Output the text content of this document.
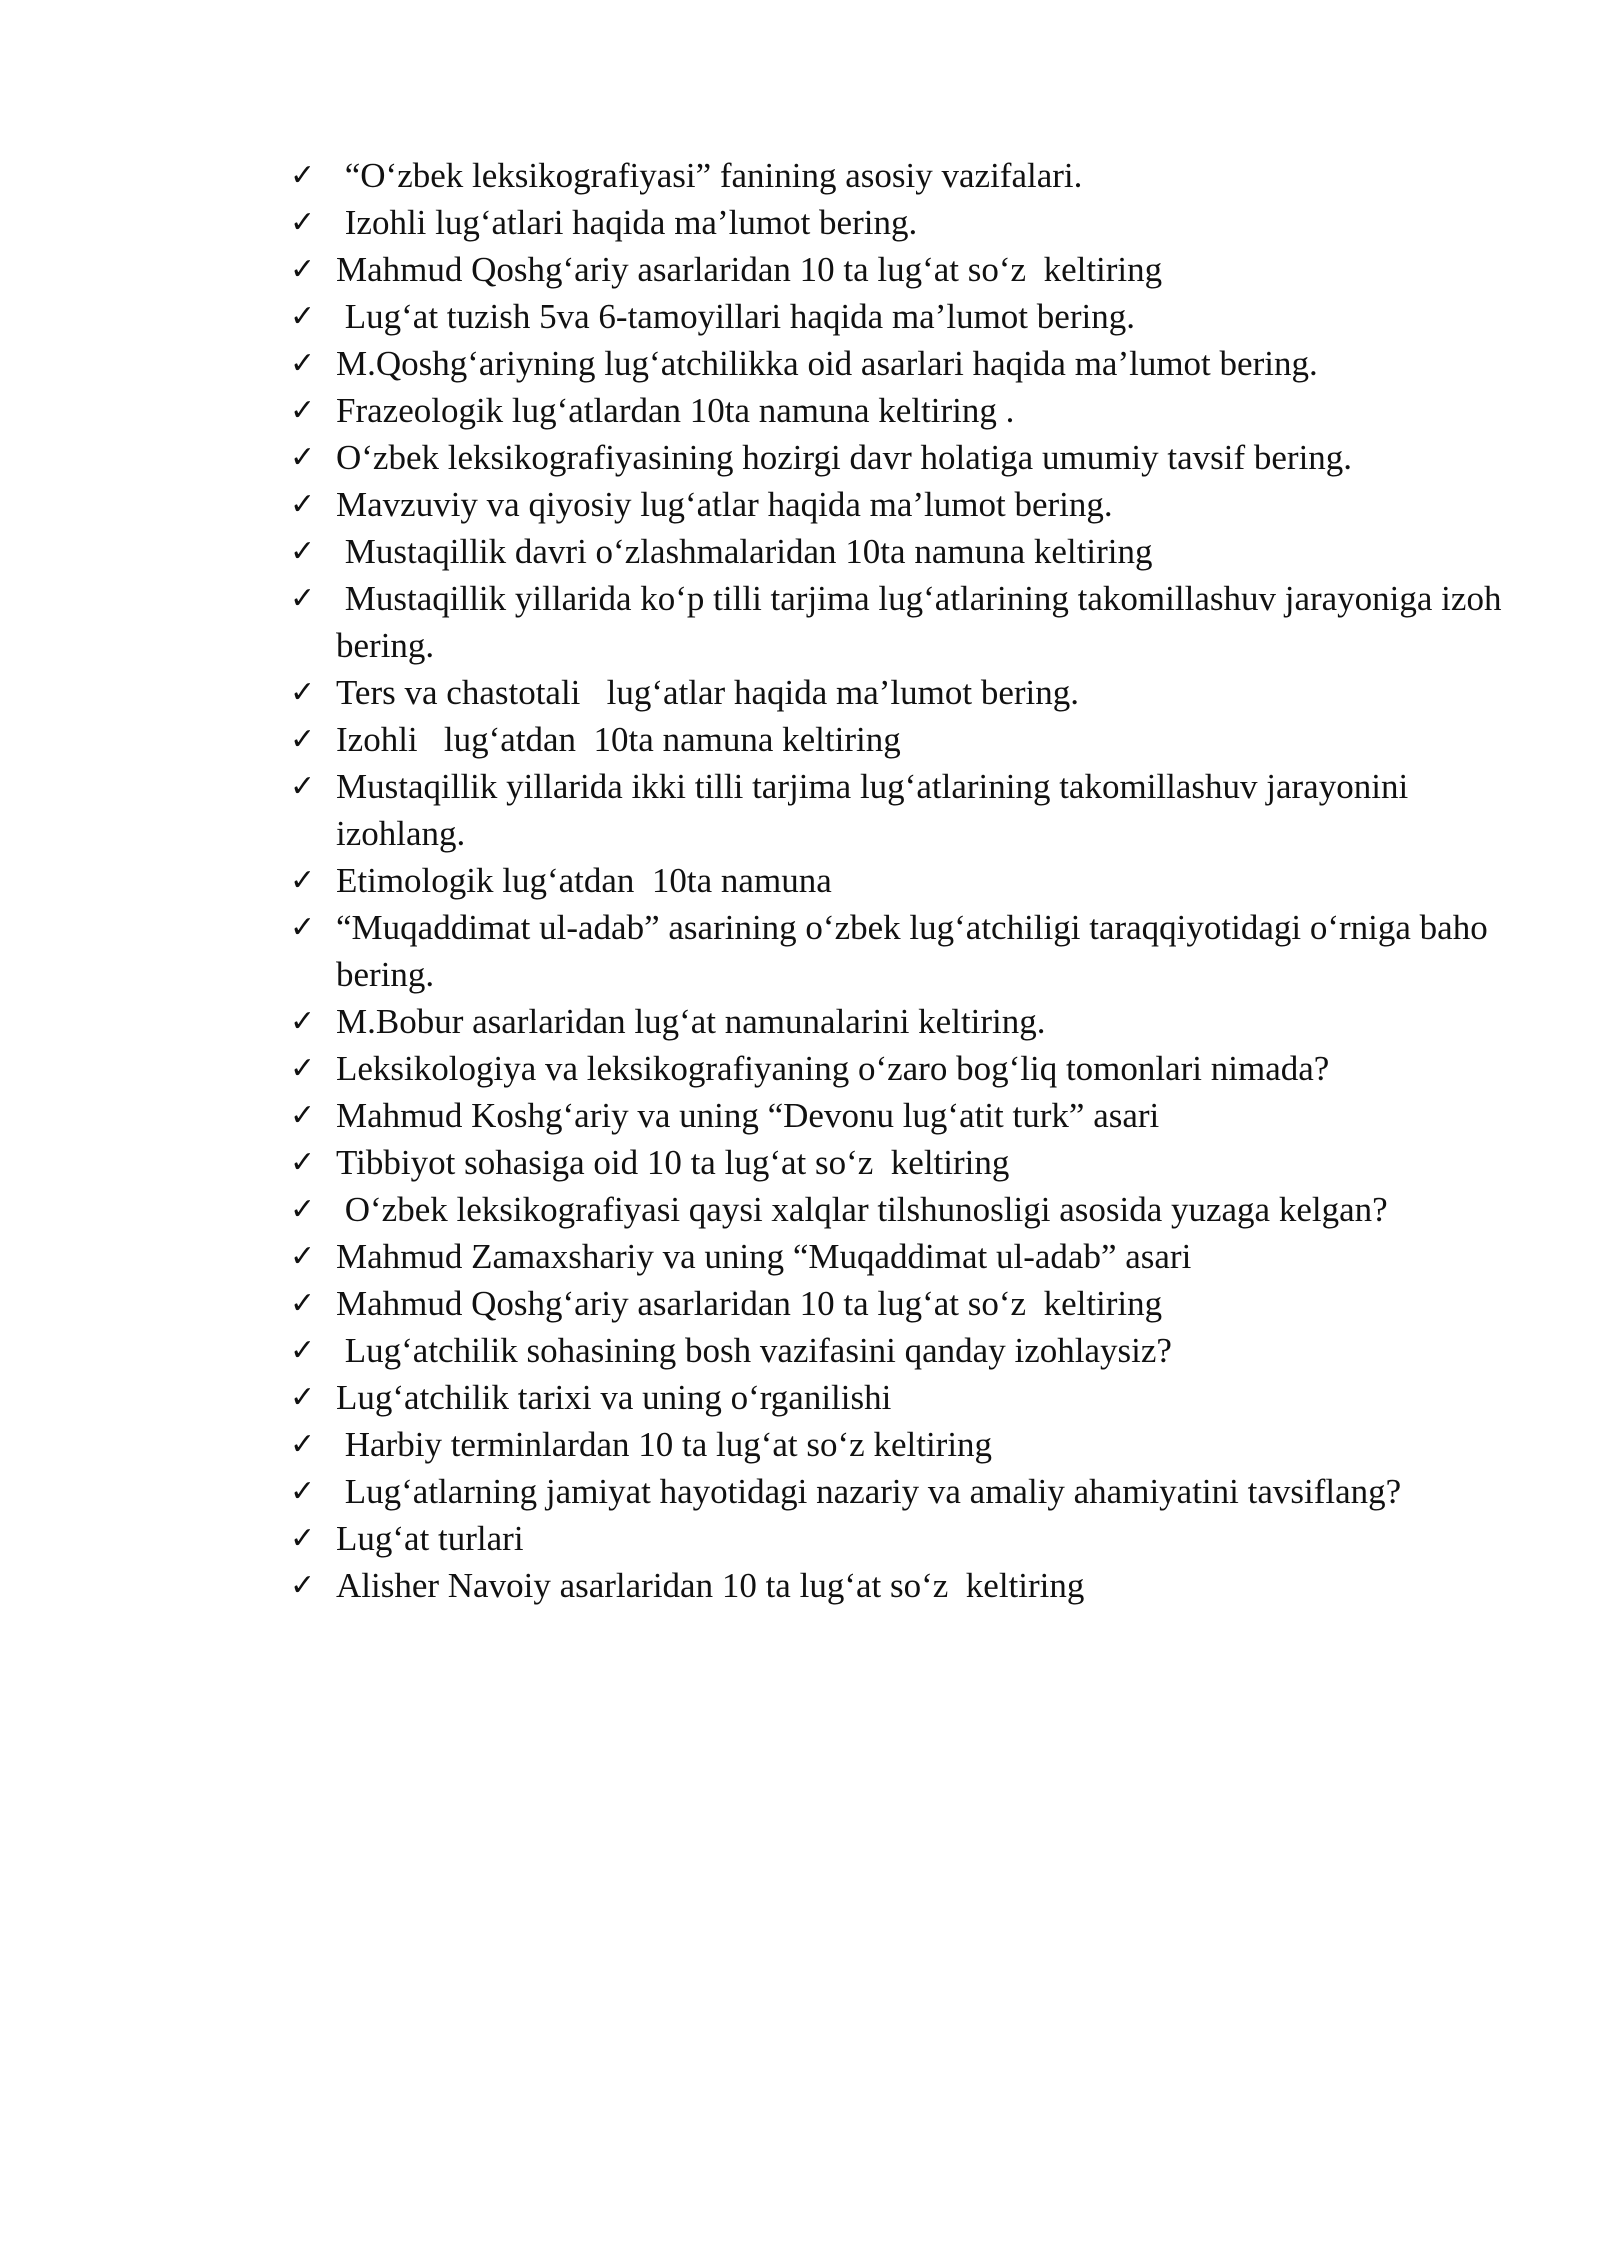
✓ “O‘zbek leksikografiyasi” fanining asosiy vazifalari.
✓ Izohli lug‘atlari haqida ma’lumot bering.
✓ Mahmud Qoshg‘ariy asarlaridan 10 ta lug‘at so‘z  keltiring
✓ Lug‘at tuzish 5va 6-tamoyillari haqida ma’lumot bering.
✓ M.Qoshg‘ariyning lug‘atchilikka oid asarlari haqida ma’lumot bering.
✓ Frazeologik lug‘atlardan 10ta namuna keltiring .
✓ O‘zbek leksikografiyasining hozirgi davr holatiga umumiy tavsif bering.
✓ Mavzuviy va qiyosiy lug‘atlar haqida ma’lumot bering.
✓ Mustaqillik davri o‘zlashmalaridan 10ta namuna keltiring
✓ Mustaqillik yillarida ko‘p tilli tarjima lug‘atlarining takomillashuv jarayoniga izoh bering.
✓ Ters va chastotali   lug‘atlar haqida ma’lumot bering.
✓ Izohli   lug‘atdan  10ta namuna keltiring
✓ Mustaqillik yillarida ikki tilli tarjima lug‘atlarining takomillashuv jarayonini izohlang.
✓ Etimologik lug‘atdan  10ta namuna
✓ “Muqaddimat ul-adab” asarining o‘zbek lug‘atchiligi taraqqiyotidagi o‘rniga baho bering.
✓ M.Bobur asarlaridan lug‘at namunalarini keltiring.
✓ Leksikologiya va leksikografiyaning o‘zaro bog‘liq tomonlari nimada?
✓ Mahmud Koshg‘ariy va uning “Devonu lug‘atit turk” asari
✓ Tibbiyot sohasiga oid 10 ta lug‘at so‘z  keltiring
✓ O‘zbek leksikografiyasi qaysi xalqlar tilshunosligi asosida yuzaga kelgan?
✓ Mahmud Zamaxshariy va uning “Muqaddimat ul-adab” asari
✓ Mahmud Qoshg‘ariy asarlaridan 10 ta lug‘at so‘z  keltiring
✓ Lug‘atchilik sohasining bosh vazifasini qanday izohlaysiz?
✓ Lug‘atchilik tarixi va uning o‘rganilishi
✓ Harbiy terminlardan 10 ta lug‘at so‘z keltiring
✓ Lug‘atlarning jamiyat hayotidagi nazariy va amaliy ahamiyatini tavsiflang?
✓ Lug‘at turlari
✓ Alisher Navoiy asarlaridan 10 ta lug‘at so‘z  keltiring
